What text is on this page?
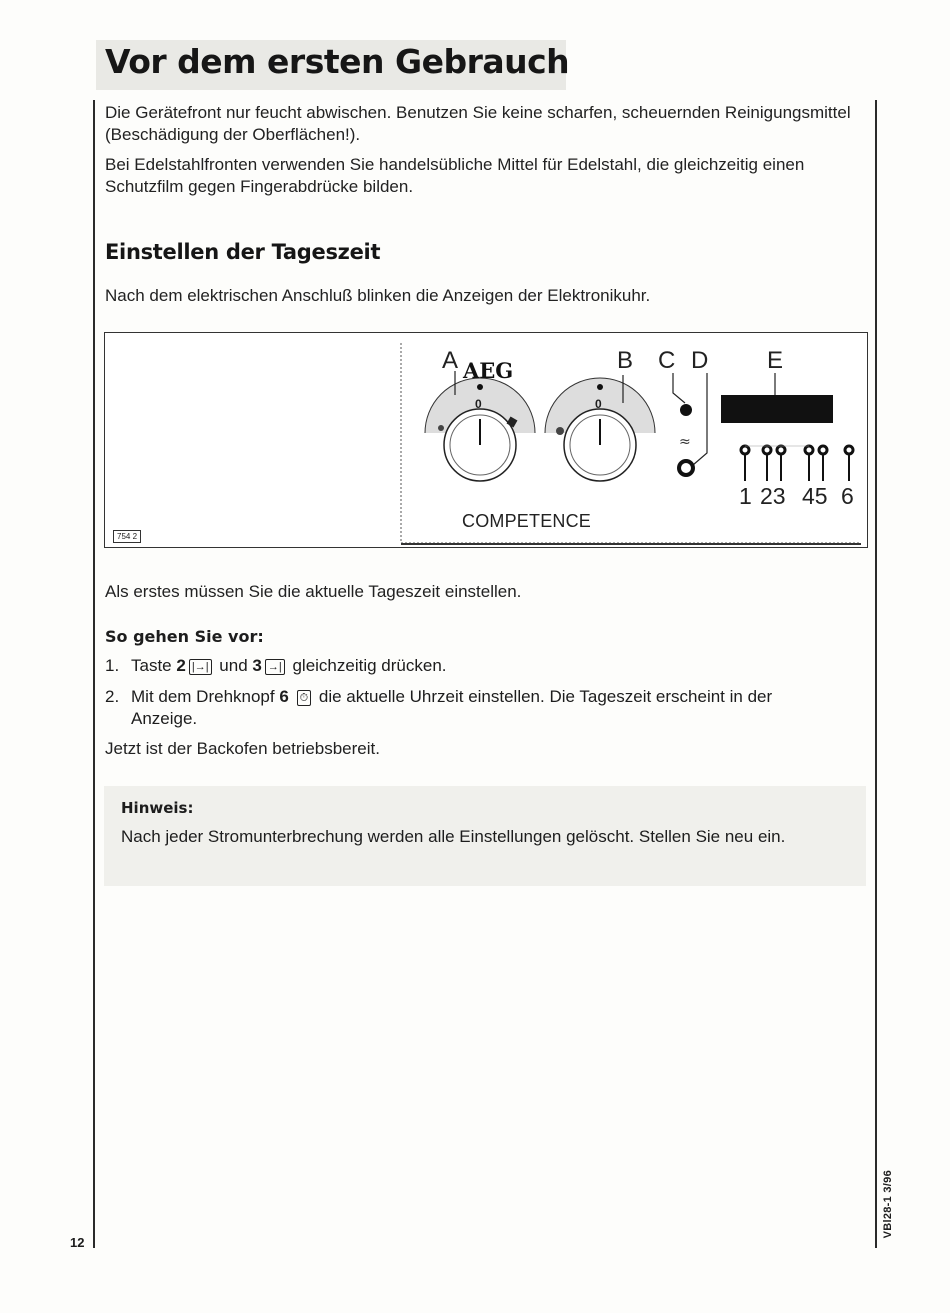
Vor dem ersten Gebrauch

Die Gerätefront nur feucht abwischen. Benutzen Sie keine scharfen, scheuernden Reinigungsmittel (Beschädigung der Oberflächen!).

Bei Edelstahlfronten verwenden Sie handelsübliche Mittel für Edelstahl, die gleichzeitig einen Schutzfilm gegen Fingerabdrücke bilden.

Einstellen der Tageszeit

Nach dem elektrischen Anschluß blinken die Anzeigen der Elektronikuhr.

754 2
≈
AEG
A	B C D E
0	0
1 23 45 6
COMPETENCE

Als erstes müssen Sie die aktuelle Tageszeit einstellen.

So gehen Sie vor:

1. Taste 2 |→| und 3 →| gleichzeitig drücken.
2. Mit dem Drehknopf 6 ⏱ die aktuelle Uhrzeit einstellen. Die Tageszeit erscheint in der
Anzeige.

Jetzt ist der Backofen betriebsbereit.

Hinweis:

Nach jeder Stromunterbrechung werden alle Einstellungen gelöscht. Stellen Sie neu ein.

12
VBl28-1 3/96
